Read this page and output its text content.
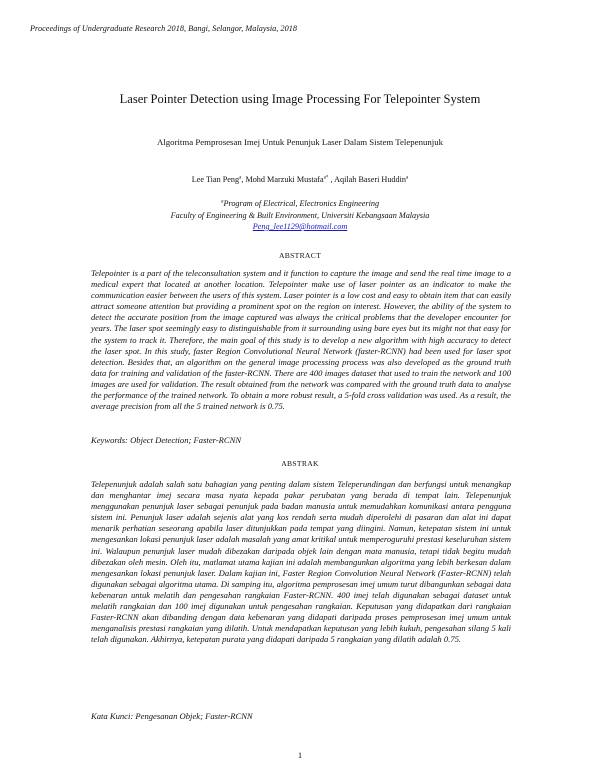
Proceedings of Undergraduate Research 2018, Bangi, Selangor, Malaysia, 2018
Laser Pointer Detection using Image Processing For Telepointer System
Algoritma Pemprosesan Imej Untuk Penunjuk Laser Dalam Sistem Telepenunjuk
Lee Tian Peng$^a$, Mohd Marzuki Mustafa$^{a*}$ , Aqilah Baseri Huddin$^a$
$^a$Program of Electrical, Electronics Engineering
Faculty of Engineering & Built Environment, Universiti Kebangsaan Malaysia
Peng_lee1129@hotmail.com
ABSTRACT
Telepointer is a part of the teleconsultation system and it function to capture the image and send the real time image to a medical expert that located at another location. Telepointer make use of laser pointer as an indicator to make the communication easier between the users of this system. Laser pointer is a low cost and easy to obtain item that can easily attract someone attention but providing a prominent spot on the region on interest. However, the ability of the system to detect the accurate position from the image captured was always the critical problems that the developer encounter for years. The laser spot seemingly easy to distinguishable from it surrounding using bare eyes but its might not that easy for the system to track it. Therefore, the main goal of this study is to develop a new algorithm with high accuracy to detect the laser spot. In this study, faster Region Convolutional Neural Network (faster-RCNN) had been used for laser spot detection. Besides that, an algorithm on the general image processing process was also developed as the ground truth data for training and validation of the faster-RCNN. There are 400 images dataset that used to train the network and 100 images are used for validation. The result obtained from the network was compared with the ground truth data to analyse the performance of the trained network. To obtain a more robust result, a 5-fold cross validation was used. As a result, the average precision from all the 5 trained network is 0.75.
Keywords: Object Detection; Faster-RCNN
ABSTRAK
Telepenunjuk adalah salah satu bahagian yang penting dalam sistem Teleperundingan dan berfungsi untuk menangkap dan menghantar imej secara masa nyata kepada pakar perubatan yang berada di tempat lain. Telepenunjuk menggunakan penunjuk laser sebagai penunjuk pada badan manusia untuk memudahkan komunikasi antara pengguna sistem ini. Penunjuk laser adalah sejenis alat yang kos rendah serta mudah diperolehi di pasaran dan alat ini dapat menarik perhatian seseorang apabila laser ditunjukkan pada tempat yang diingini. Namun, ketepatan sistem ini untuk mengesankan lokasi penunjuk laser adalah masalah yang amat kritikal untuk memperoguruhi prestasi keseluruhan sistem ini. Walaupun penunjuk laser mudah dibezakan daripada objek lain dengan mata manusia, tetapi tidak begitu mudah dibezakan oleh mesin. Oleh itu, matlamat utama kajian ini adalah membangunkan algoritma yang lebih berkesan dalam mengesankan lokasi penunjuk laser. Dalam kajian ini, Faster Region Convolution Neural Network (Faster-RCNN) telah digunakan sebagai algoritma utama. Di samping itu, algoritma pemprosesan imej umum turut dibangunkan sebagai data kebenaran untuk melatih dan pengesahan rangkaian Faster-RCNN. 400 imej telah digunakan sebagai dataset untuk melatih rangkaian dan 100 imej digunakan untuk pengesahan rangkaian. Keputusan yang didapatkan dari rangkaian Faster-RCNN akan dibanding dengan data kebenaran yang didapati daripada proses pemprosesan imej umum untuk menganalisis prestasi rangkaian yang dilatih. Untuk mendapatkan keputusan yang lebih kukuh, pengesahan silang 5 kali telah digunakan. Akhirnya, ketepatan purata yang didapati daripada 5 rangkaian yang dilatih adalah 0.75.
Kata Kunci: Pengesanan Objek; Faster-RCNN
1
